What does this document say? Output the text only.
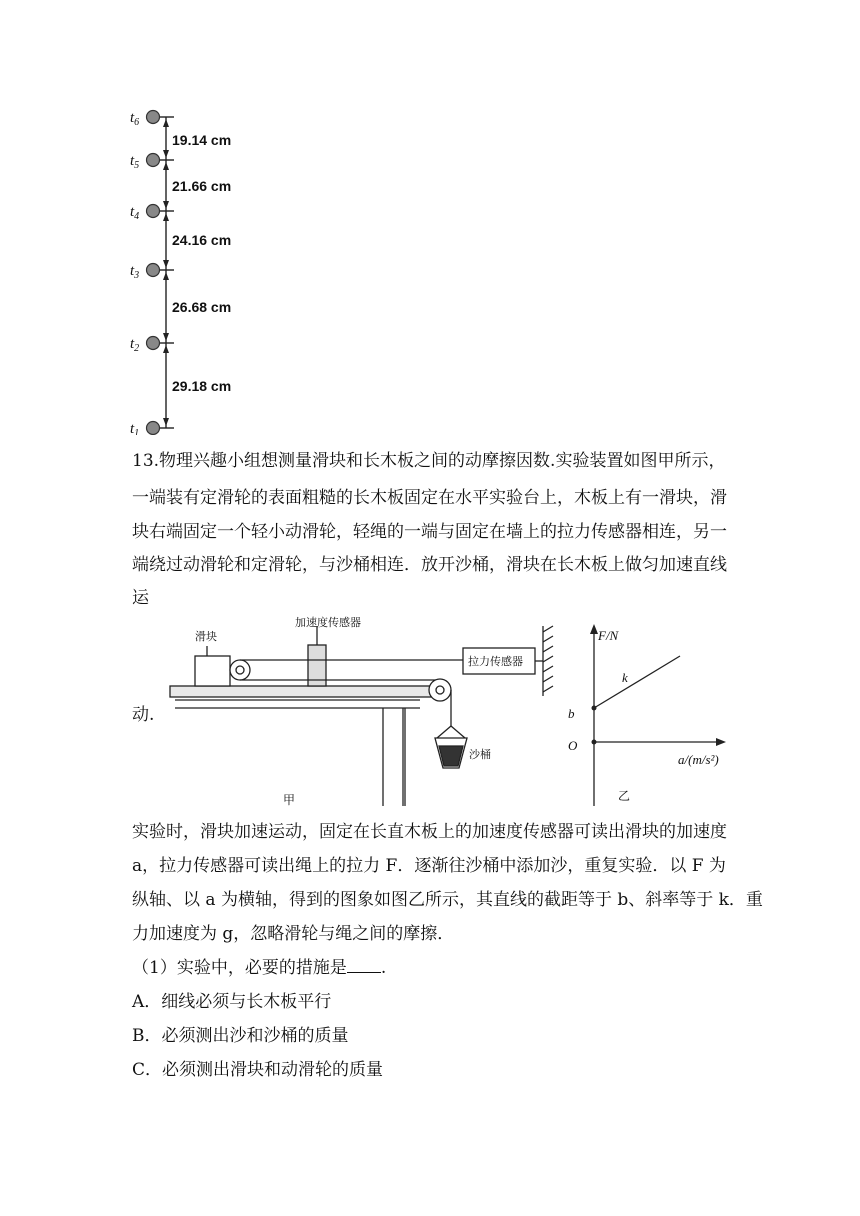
$t_6$
$t_5$
$t_4$
$t_3$
$t_2$
$t_1$
19.14 cm
21.66 cm
24.16 cm
26.68 cm
29.18 cm
13.物理兴趣小组想测量滑块和长木板之间的动摩擦因数.实验装置如图甲所示，
一端装有定滑轮的表面粗糙的长木板固定在水平实验台上，木板上有一滑块，滑
块右端固定一个轻小动滑轮，轻绳的一端与固定在墙上的拉力传感器相连，另一
端绕过动滑轮和定滑轮，与沙桶相连．放开沙桶，滑块在长木板上做匀加速直线
运
动.
滑块
加速度传感器
拉力传感器
沙桶
甲
F/N
k
b
O
a/(m/s²)
乙
实验时，滑块加速运动，固定在长直木板上的加速度传感器可读出滑块的加速度
a，拉力传感器可读出绳上的拉力 F．逐渐往沙桶中添加沙，重复实验．以 F 为
纵轴、以 a 为横轴，得到的图象如图乙所示，其直线的截距等于 b、斜率等于 k．重
力加速度为 g，忽略滑轮与绳之间的摩擦．
（1）实验中，必要的措施是 .
A．细线必须与长木板平行
B．必须测出沙和沙桶的质量
C．必须测出滑块和动滑轮的质量
